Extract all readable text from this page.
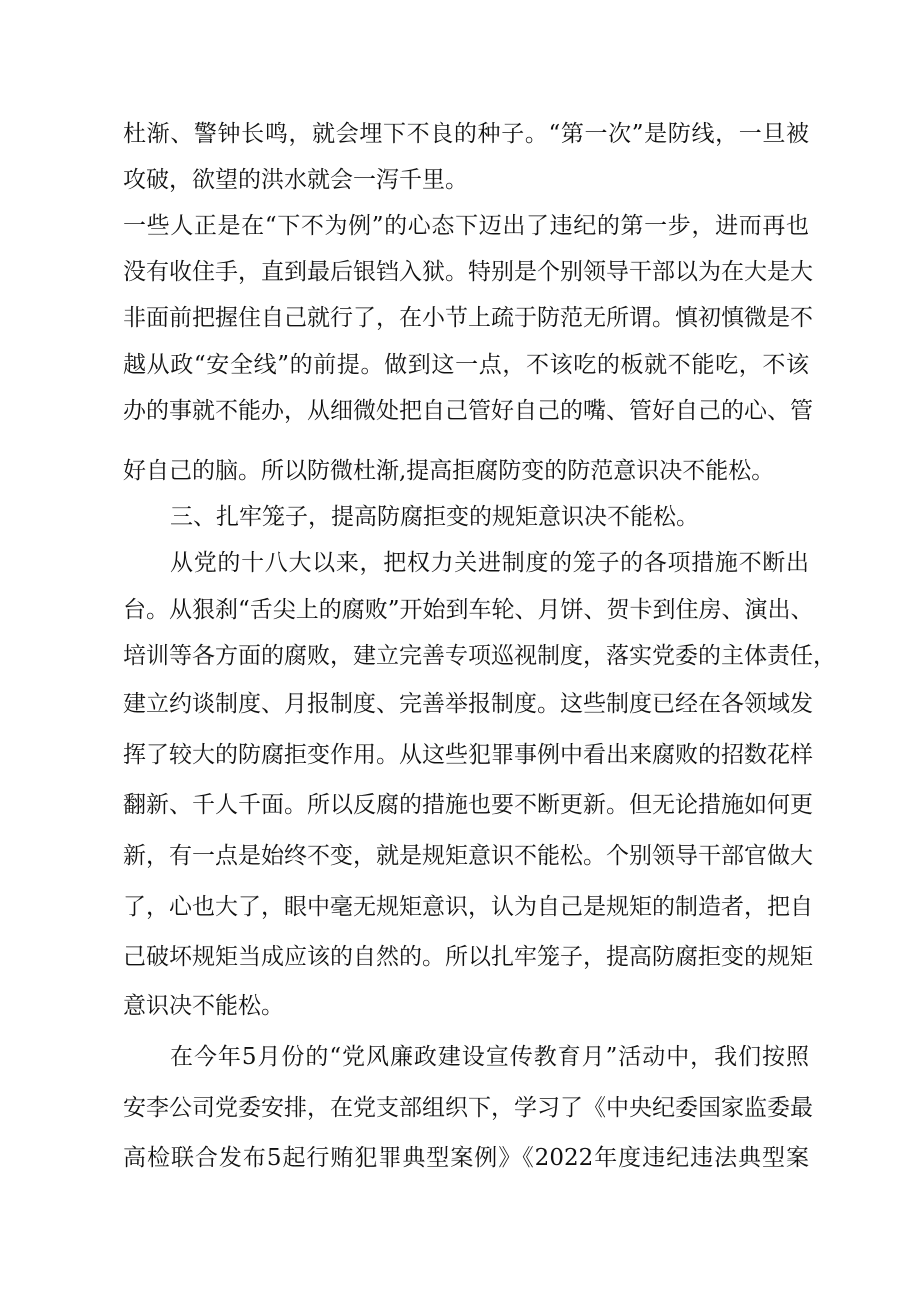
杜渐、警钟长鸣，就会埋下不良的种子。“第一次”是防线，一旦被
攻破，欲望的洪水就会一泻千里。
一些人正是在“下不为例”的心态下迈出了违纪的第一步，进而再也
没有收住手，直到最后银铛入狱。特别是个别领导干部以为在大是大
非面前把握住自己就行了，在小节上疏于防范无所谓。慎初慎微是不
越从政“安全线”的前提。做到这一点，不该吃的板就不能吃，不该
办的事就不能办，从细微处把自己管好自己的嘴、管好自己的心、管
好自己的脑。所以防微杜渐,提高拒腐防变的防范意识决不能松。
三、扎牢笼子，提高防腐拒变的规矩意识决不能松。
从党的十八大以来，把权力关进制度的笼子的各项措施不断出
台。从狠刹“舌尖上的腐败”开始到车轮、月饼、贺卡到住房、演出、
培训等各方面的腐败，建立完善专项巡视制度，落实党委的主体责任，
建立约谈制度、月报制度、完善举报制度。这些制度已经在各领域发
挥了较大的防腐拒变作用。从这些犯罪事例中看出来腐败的招数花样
翻新、千人千面。所以反腐的措施也要不断更新。但无论措施如何更
新，有一点是始终不变，就是规矩意识不能松。个别领导干部官做大
了，心也大了，眼中毫无规矩意识，认为自己是规矩的制造者，把自
己破坏规矩当成应该的自然的。所以扎牢笼子，提高防腐拒变的规矩
意识决不能松。
在今年5月份的“党风廉政建设宣传教育月”活动中，我们按照
安李公司党委安排，在党支部组织下，学习了《中央纪委国家监委最
高检联合发布5起行贿犯罪典型案例》《2022年度违纪违法典型案
